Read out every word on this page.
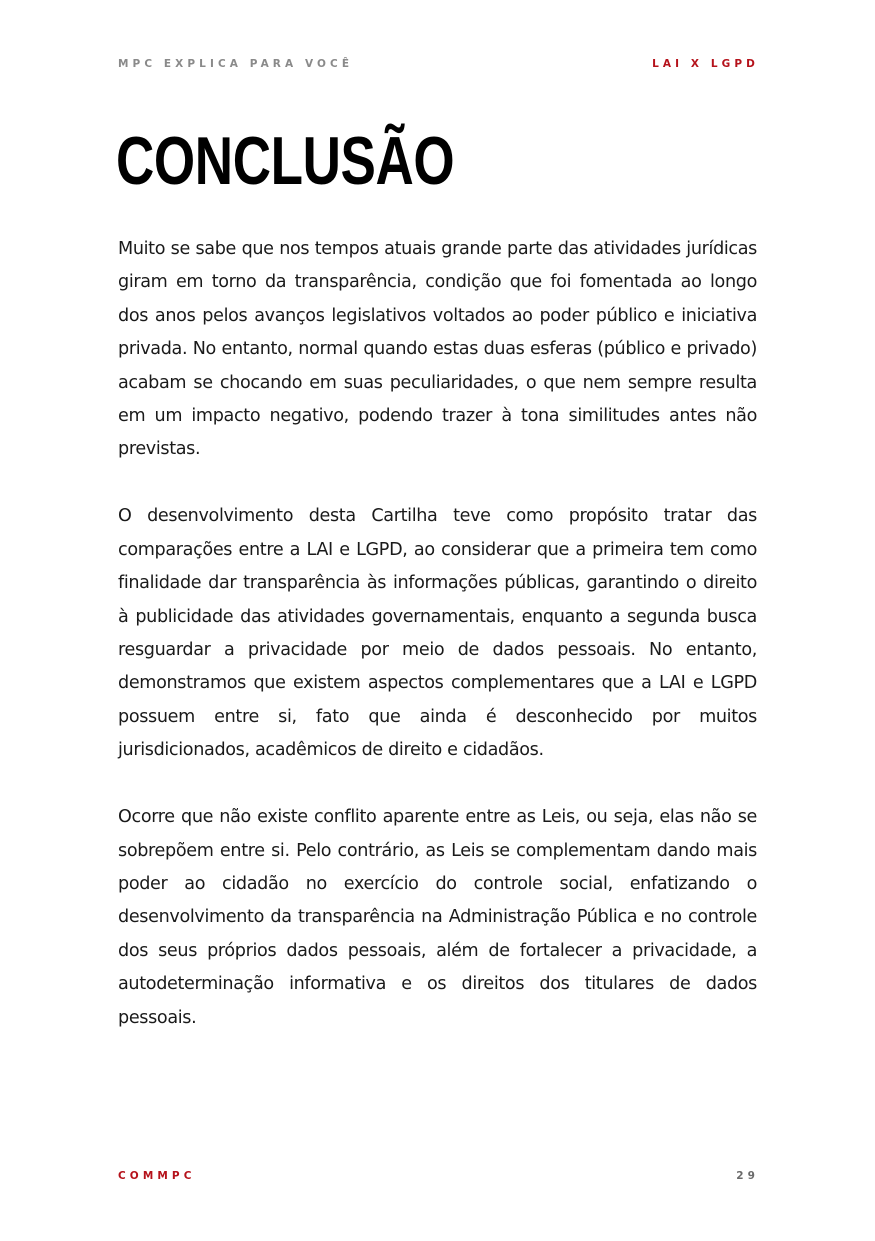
MPC EXPLICA PARA VOCÊ	LAI X LGPD
CONCLUSÃO

Muito se sabe que nos tempos atuais grande parte das atividades jurídicas giram em torno da transparência, condição que foi fomentada ao longo dos anos pelos avanços legislativos voltados ao poder público e iniciativa privada. No entanto, normal quando estas duas esferas (público e privado) acabam se chocando em suas peculiaridades, o que nem sempre resulta em um impacto negativo, podendo trazer à tona similitudes antes não previstas.

O desenvolvimento desta Cartilha teve como propósito tratar das comparações entre a LAI e LGPD, ao considerar que a primeira tem como finalidade dar transparência às informações públicas, garantindo o direito à publicidade das atividades governamentais, enquanto a segunda busca resguardar a privacidade por meio de dados pessoais. No entanto, demonstramos que existem aspectos complementares que a LAI e LGPD possuem entre si, fato que ainda é desconhecido por muitos jurisdicionados, acadêmicos de direito e cidadãos.

Ocorre que não existe conflito aparente entre as Leis, ou seja, elas não se sobrepõem entre si. Pelo contrário, as Leis se complementam dando mais poder ao cidadão no exercício do controle social, enfatizando o desenvolvimento da transparência na Administração Pública e no controle dos seus próprios dados pessoais, além de fortalecer a privacidade, a autodeterminação informativa e os direitos dos titulares de dados pessoais.

COMMPC	29
